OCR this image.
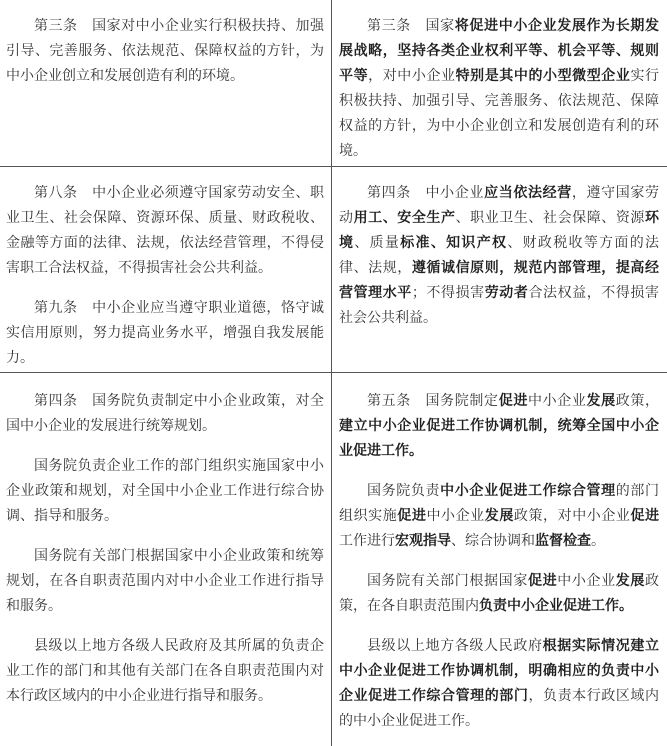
第三条　国家对中小企业实行积极扶持、加强引导、完善服务、依法规范、保障权益的方针，为中小企业创立和发展创造有利的环境。

第三条　国家将促进中小企业发展作为长期发展战略，坚持各类企业权利平等、机会平等、规则平等，对中小企业特别是其中的小型微型企业实行积极扶持、加强引导、完善服务、依法规范、保障权益的方针，为中小企业创立和发展创造有利的环境。

第八条　中小企业必须遵守国家劳动安全、职业卫生、社会保障、资源环保、质量、财政税收、金融等方面的法律、法规，依法经营管理，不得侵害职工合法权益，不得损害社会公共利益。

第九条　中小企业应当遵守职业道德，恪守诚实信用原则，努力提高业务水平，增强自我发展能力。

第四条　中小企业应当依法经营，遵守国家劳动用工、安全生产、职业卫生、社会保障、资源环境、质量标准、知识产权、财政税收等方面的法律、法规，遵循诚信原则，规范内部管理，提高经营管理水平；不得损害劳动者合法权益，不得损害社会公共利益。

第四条　国务院负责制定中小企业政策，对全国中小企业的发展进行统筹规划。

国务院负责企业工作的部门组织实施国家中小企业政策和规划，对全国中小企业工作进行综合协调、指导和服务。

国务院有关部门根据国家中小企业政策和统筹规划，在各自职责范围内对中小企业工作进行指导和服务。

县级以上地方各级人民政府及其所属的负责企业工作的部门和其他有关部门在各自职责范围内对本行政区域内的中小企业进行指导和服务。

第五条　国务院制定促进中小企业发展政策，建立中小企业促进工作协调机制，统筹全国中小企业促进工作。

国务院负责中小企业促进工作综合管理的部门组织实施促进中小企业发展政策，对中小企业促进工作进行宏观指导、综合协调和监督检查。

国务院有关部门根据国家促进中小企业发展政策，在各自职责范围内负责中小企业促进工作。

县级以上地方各级人民政府根据实际情况建立中小企业促进工作协调机制，明确相应的负责中小企业促进工作综合管理的部门，负责本行政区域内的中小企业促进工作。
